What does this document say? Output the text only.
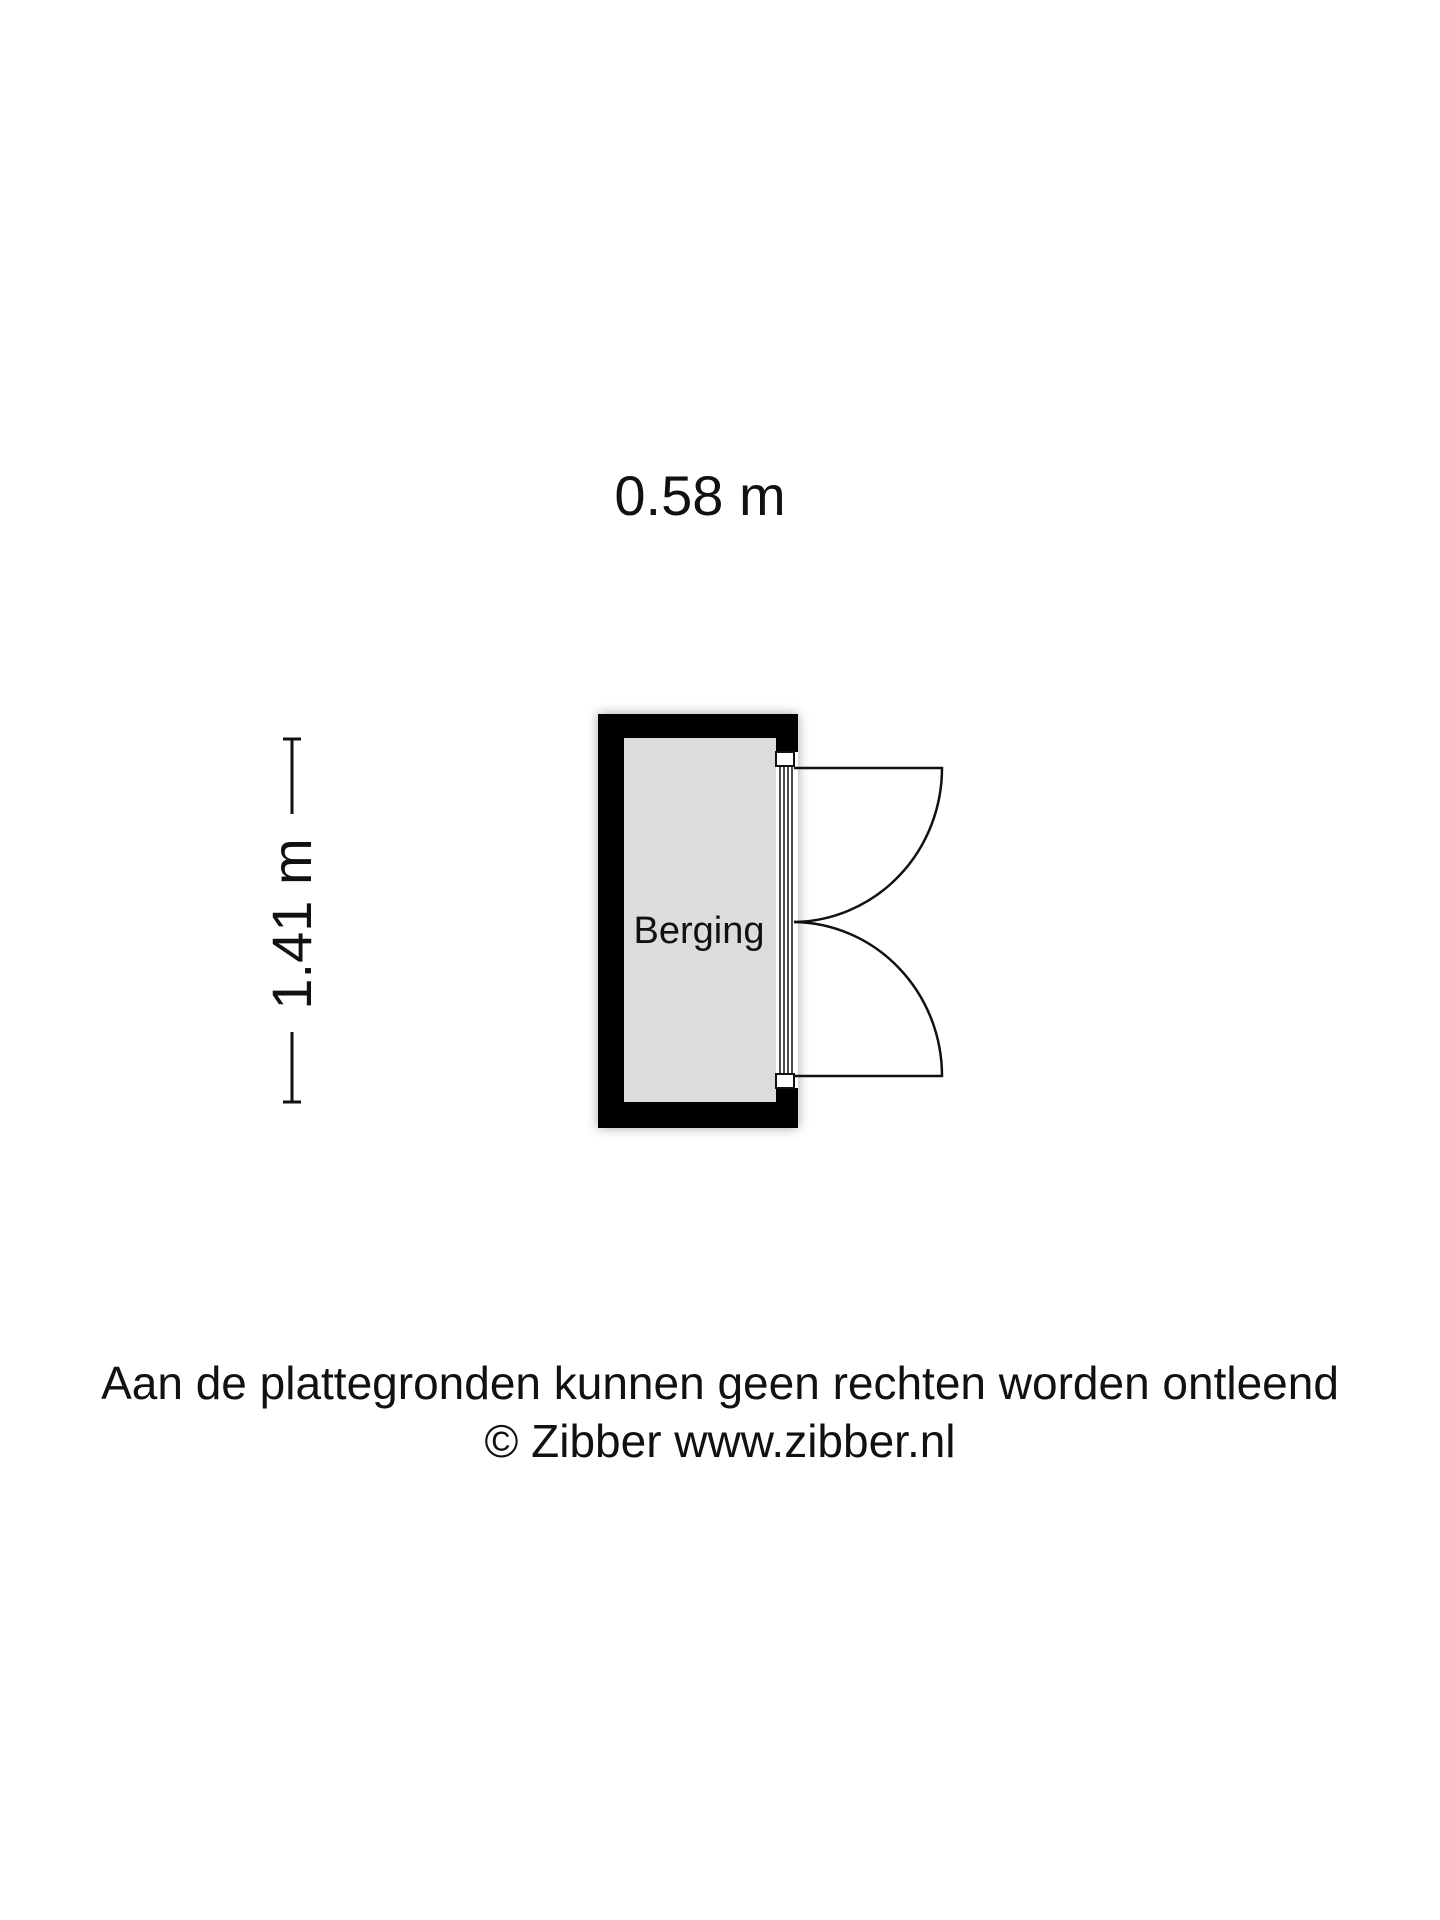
0.58 m
1.41 m	Berging
Aan de plattegronden kunnen geen rechten worden ontleend
© Zibber www.zibber.nl
